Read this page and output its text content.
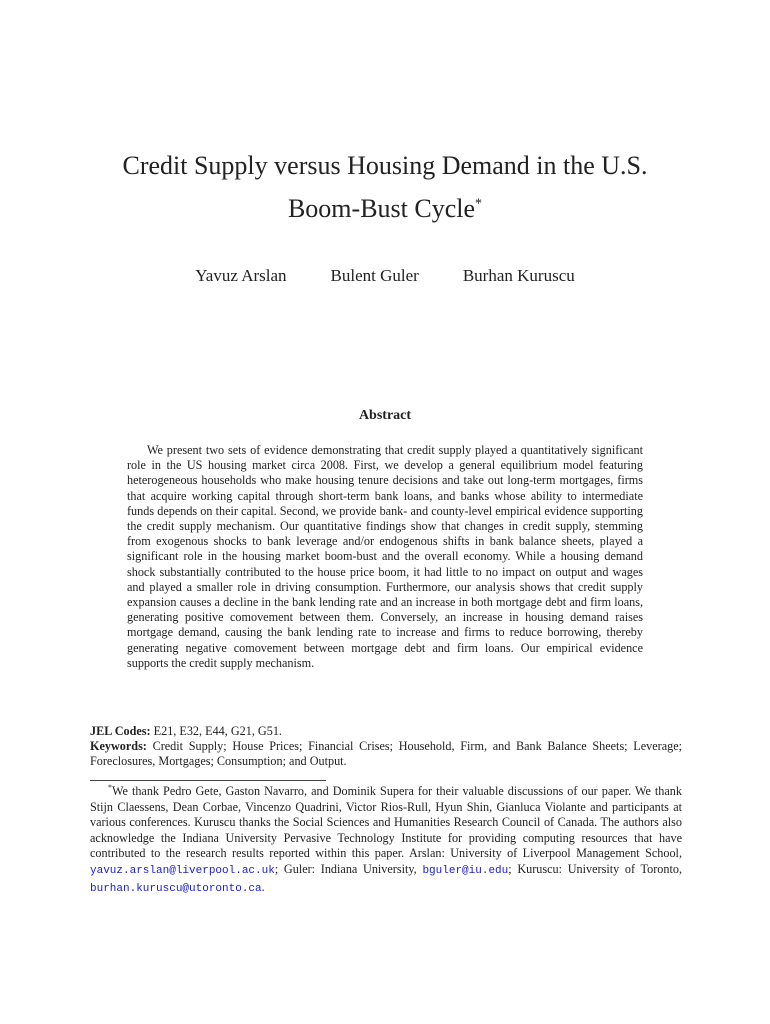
Credit Supply versus Housing Demand in the U.S.
Boom-Bust Cycle*
Yavuz Arslan	Bulent Guler	Burhan Kuruscu
Abstract

We present two sets of evidence demonstrating that credit supply played a quantitatively significant role in the US housing market circa 2008. First, we develop a general equilibrium model featuring heterogeneous households who make housing tenure decisions and take out long-term mortgages, firms that acquire working capital through short-term bank loans, and banks whose ability to intermediate funds depends on their capital. Second, we provide bank- and county-level empirical evidence supporting the credit supply mechanism. Our quantitative findings show that changes in credit supply, stemming from exogenous shocks to bank leverage and/or endogenous shifts in bank balance sheets, played a significant role in the housing market boom-bust and the overall economy. While a housing demand shock substantially contributed to the house price boom, it had little to no impact on output and wages and played a smaller role in driving consumption. Furthermore, our analysis shows that credit supply expansion causes a decline in the bank lending rate and an increase in both mortgage debt and firm loans, generating positive comovement between them. Conversely, an increase in housing demand raises mortgage demand, causing the bank lending rate to increase and firms to reduce borrowing, thereby generating negative comovement between mortgage debt and firm loans. Our empirical evidence supports the credit supply mechanism.

JEL Codes: E21, E32, E44, G21, G51.

Keywords: Credit Supply; House Prices; Financial Crises; Household, Firm, and Bank Balance Sheets; Leverage; Foreclosures, Mortgages; Consumption; and Output.

*We thank Pedro Gete, Gaston Navarro, and Dominik Supera for their valuable discussions of our paper. We thank Stijn Claessens, Dean Corbae, Vincenzo Quadrini, Victor Rios-Rull, Hyun Shin, Gianluca Violante and participants at various conferences. Kuruscu thanks the Social Sciences and Humanities Research Council of Canada. The authors also acknowledge the Indiana University Pervasive Technology Institute for providing computing resources that have contributed to the research results reported within this paper. Arslan: University of Liverpool Management School, yavuz.arslan@liverpool.ac.uk; Guler: Indiana University, bguler@iu.edu; Kuruscu: University of Toronto, burhan.kuruscu@utoronto.ca.
